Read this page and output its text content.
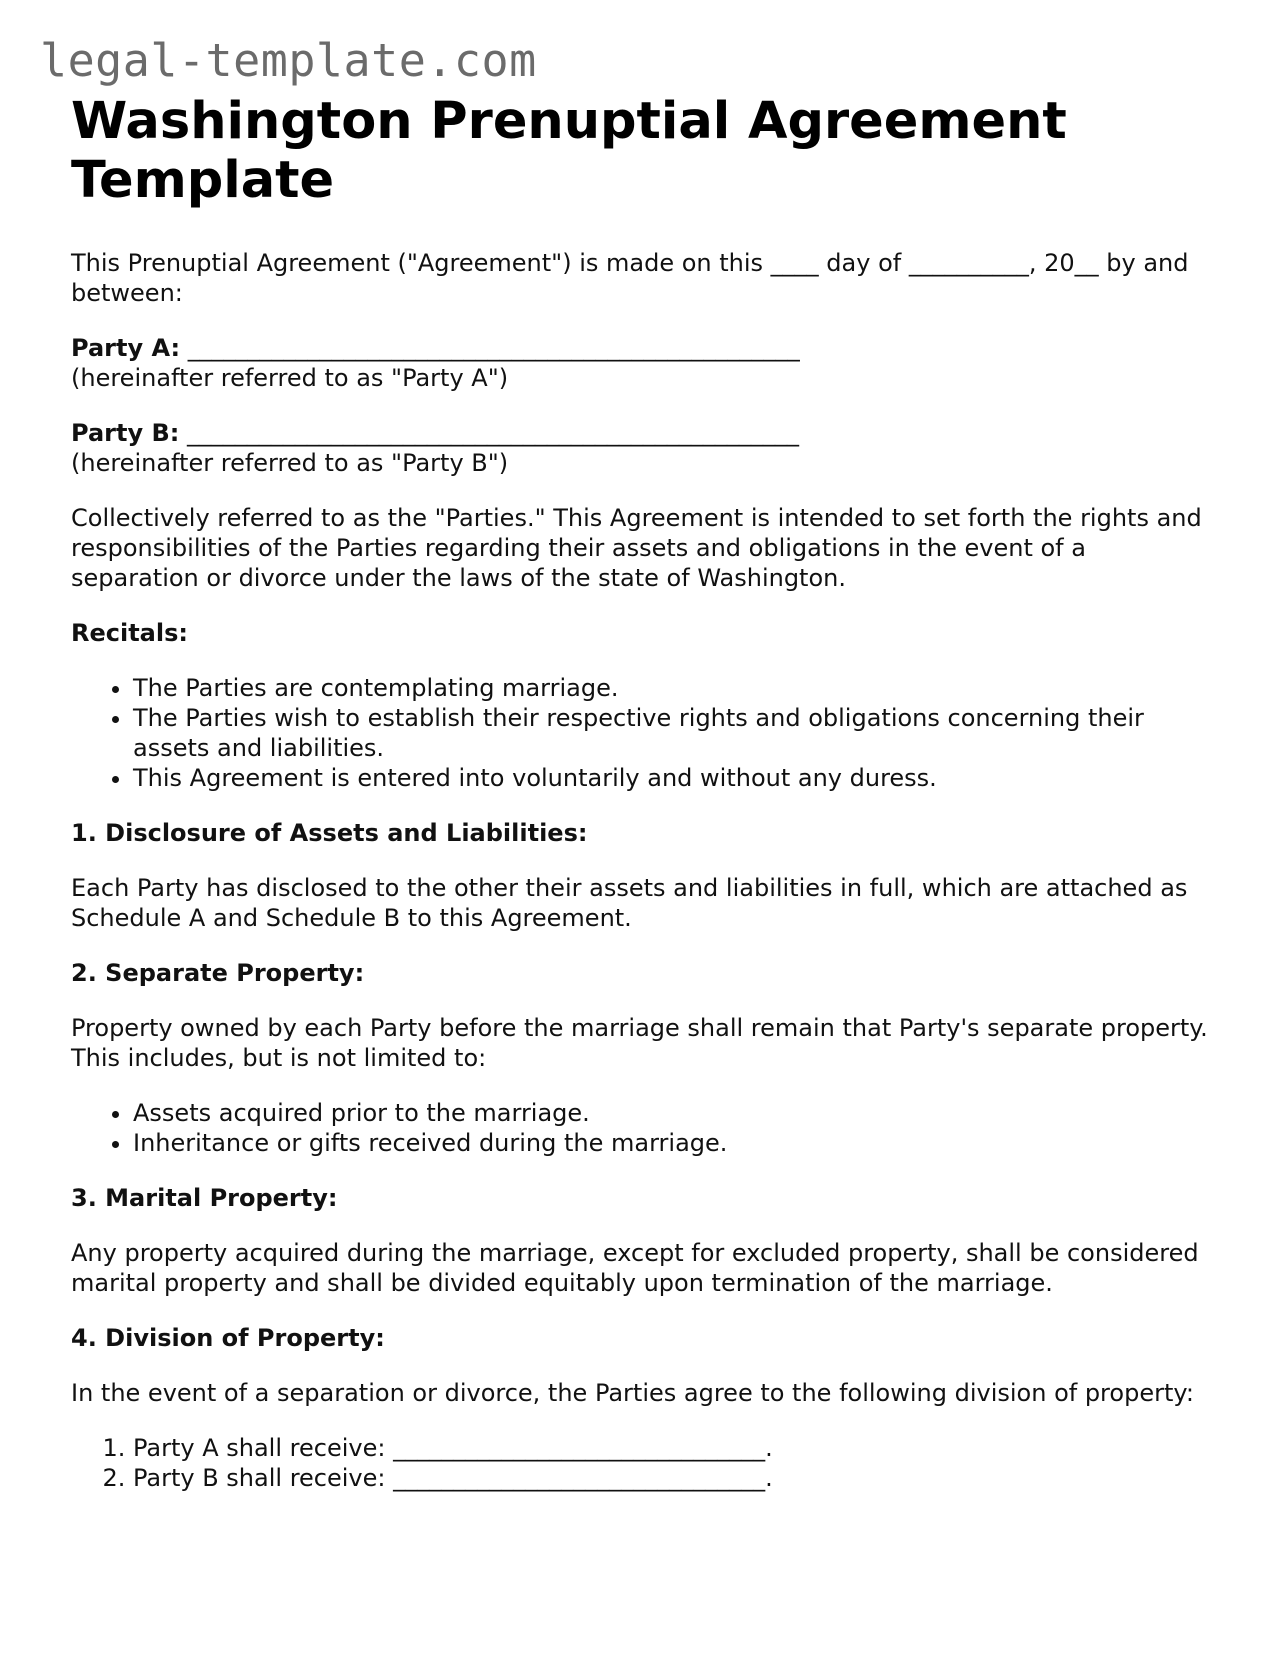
legal-template.com
Washington Prenuptial Agreement Template

This Prenuptial Agreement ("Agreement") is made on this ____ day of __________, 20__ by and between:

Party A: ___________________________________________________
(hereinafter referred to as "Party A")

Party B: ___________________________________________________
(hereinafter referred to as "Party B")

Collectively referred to as the "Parties." This Agreement is intended to set forth the rights and responsibilities of the Parties regarding their assets and obligations in the event of a separation or divorce under the laws of the state of Washington.

Recitals:
• The Parties are contemplating marriage.
• The Parties wish to establish their respective rights and obligations concerning their assets and liabilities.
• This Agreement is entered into voluntarily and without any duress.
1. Disclosure of Assets and Liabilities:

Each Party has disclosed to the other their assets and liabilities in full, which are attached as Schedule A and Schedule B to this Agreement.

2. Separate Property:

Property owned by each Party before the marriage shall remain that Party's separate property. This includes, but is not limited to:

• Assets acquired prior to the marriage.
• Inheritance or gifts received during the marriage.
3. Marital Property:

Any property acquired during the marriage, except for excluded property, shall be considered marital property and shall be divided equitably upon termination of the marriage.

4. Division of Property:

In the event of a separation or divorce, the Parties agree to the following division of property:

1. Party A shall receive: _______________________________.
2. Party B shall receive: _______________________________.
